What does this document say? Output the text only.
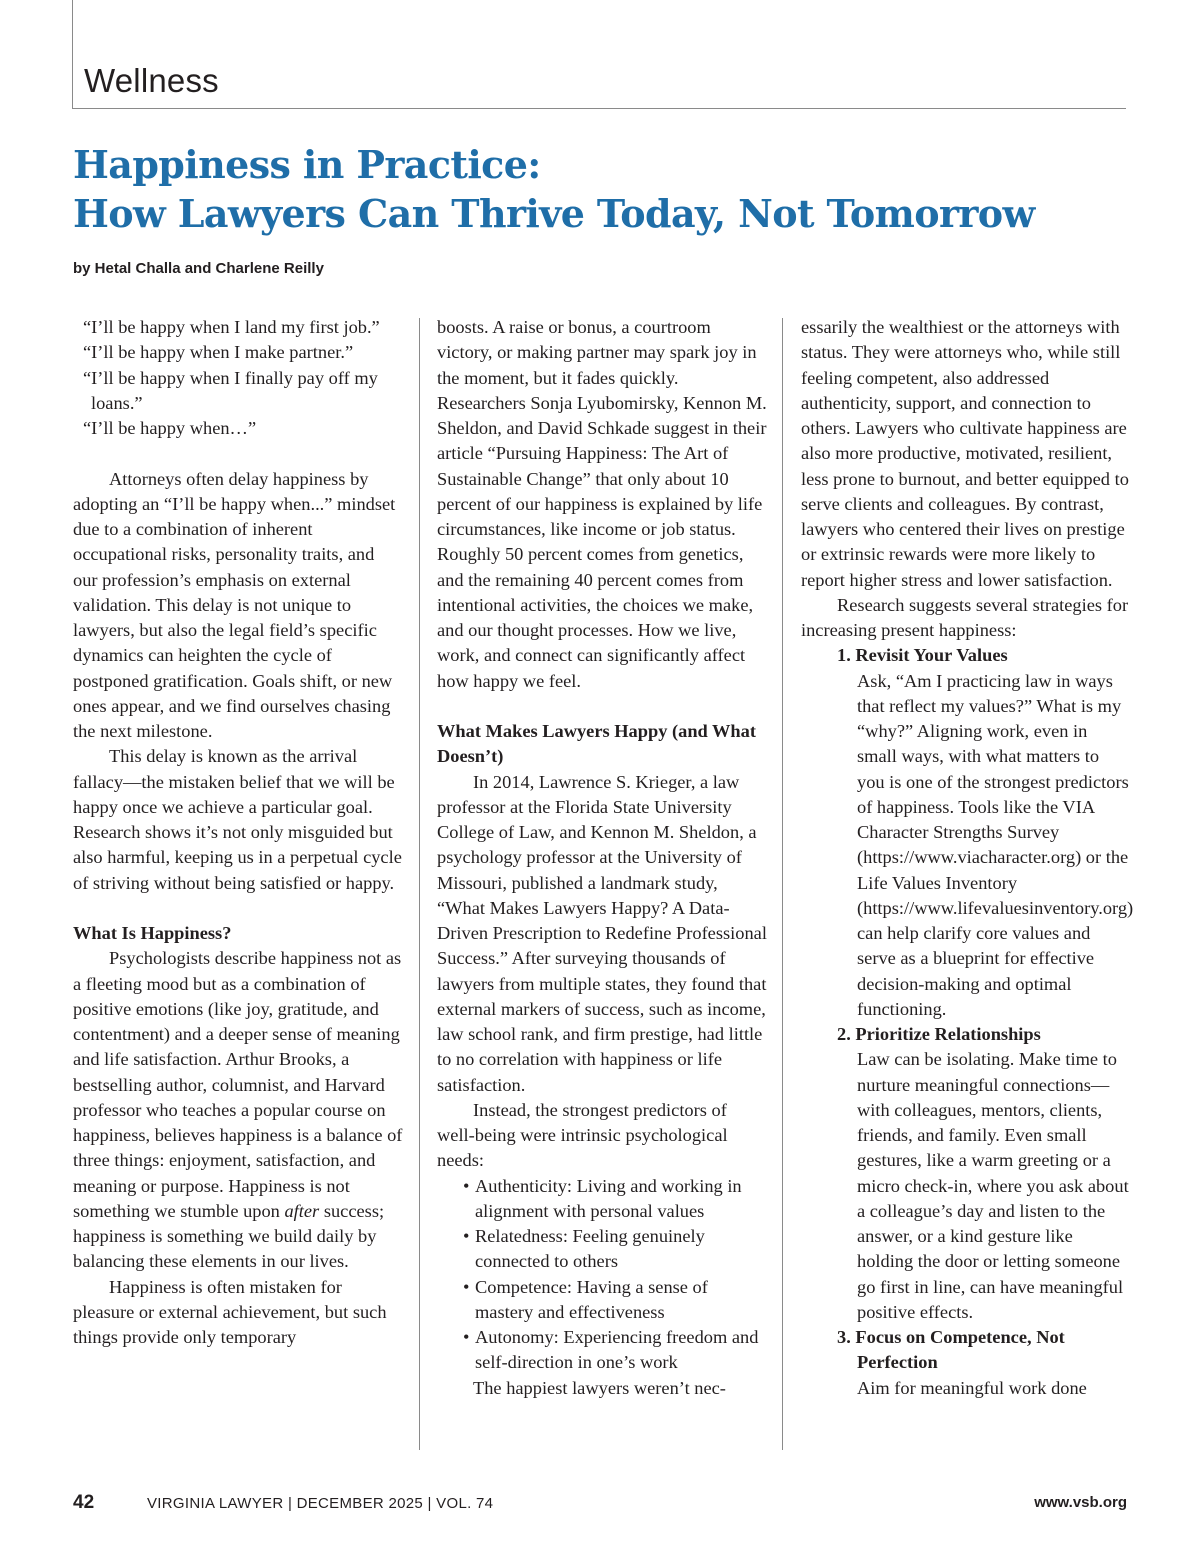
Wellness
Happiness in Practice:
How Lawyers Can Thrive Today, Not Tomorrow
by Hetal Challa and Charlene Reilly

“I’ll be happy when I land my first job.”

“I’ll be happy when I make partner.”

“I’ll be happy when I finally pay off my loans.”

“I’ll be happy when…”

Attorneys often delay happiness by adopting an “I’ll be happy when...” mindset due to a combination of inherent occupational risks, personality traits, and our profession’s emphasis on external validation. This delay is not unique to lawyers, but also the legal field’s specific dynamics can heighten the cycle of postponed gratification. Goals shift, or new ones appear, and we find ourselves chasing the next milestone.

This delay is known as the arrival fallacy—the mistaken belief that we will be happy once we achieve a particular goal. Research shows it’s not only misguided but also harmful, keeping us in a perpetual cycle of striving without being satisfied or happy.

What Is Happiness?

Psychologists describe happiness not as a fleeting mood but as a combination of positive emotions (like joy, gratitude, and contentment) and a deeper sense of meaning and life satisfaction. Arthur Brooks, a bestselling author, columnist, and Harvard professor who teaches a popular course on happiness, believes happiness is a balance of three things: enjoyment, satisfaction, and meaning or purpose. Happiness is not something we stumble upon after success; happiness is something we build daily by balancing these elements in our lives.

Happiness is often mistaken for pleasure or external achievement, but such things provide only temporary

boosts. A raise or bonus, a courtroom victory, or making partner may spark joy in the moment, but it fades quickly. Researchers Sonja Lyubomirsky, Kennon M. Sheldon, and David Schkade suggest in their article “Pursuing Happiness: The Art of Sustainable Change” that only about 10 percent of our happiness is explained by life circumstances, like income or job status. Roughly 50 percent comes from genetics, and the remaining 40 percent comes from intentional activities, the choices we make, and our thought processes. How we live, work, and connect can significantly affect how happy we feel.

What Makes Lawyers Happy (and What Doesn’t)

In 2014, Lawrence S. Krieger, a law professor at the Florida State University College of Law, and Kennon M. Sheldon, a psychology professor at the University of Missouri, published a landmark study, “What Makes Lawyers Happy? A Data-Driven Prescription to Redefine Professional Success.” After surveying thousands of lawyers from multiple states, they found that external markers of success, such as income, law school rank, and firm prestige, had little to no correlation with happiness or life satisfaction.

Instead, the strongest predictors of well-being were intrinsic psychological needs:

• Authenticity: Living and working in alignment with personal values
• Relatedness: Feeling genuinely connected to others
• Competence: Having a sense of mastery and effectiveness
• Autonomy: Experiencing freedom and self-direction in one’s work

The happiest lawyers weren’t nec-

essarily the wealthiest or the attorneys with status. They were attorneys who, while still feeling competent, also addressed authenticity, support, and connection to others. Lawyers who cultivate happiness are also more productive, motivated, resilient, less prone to burnout, and better equipped to serve clients and colleagues. By contrast, lawyers who centered their lives on prestige or extrinsic rewards were more likely to report higher stress and lower satisfaction.

Research suggests several strategies for increasing present happiness:

1. Revisit Your Values
Ask, “Am I practicing law in ways that reflect my values?” What is my “why?” Aligning work, even in small ways, with what matters to you is one of the strongest predictors of happiness. Tools like the VIA Character Strengths Survey (https://www.viacharacter.org) or the Life Values Inventory (https://www.lifevaluesinventory.org) can help clarify core values and serve as a blueprint for effective decision-making and optimal functioning.
2. Prioritize Relationships
Law can be isolating. Make time to nurture meaningful connections—with colleagues, mentors, clients, friends, and family. Even small gestures, like a warm greeting or a micro check-in, where you ask about a colleague’s day and listen to the answer, or a kind gesture like holding the door or letting someone go first in line, can have meaningful positive effects.
3. Focus on Competence, Not Perfection
Aim for meaningful work done
42	VIRGINIA LAWYER | DECEMBER 2025 | VOL. 74	www.vsb.org
